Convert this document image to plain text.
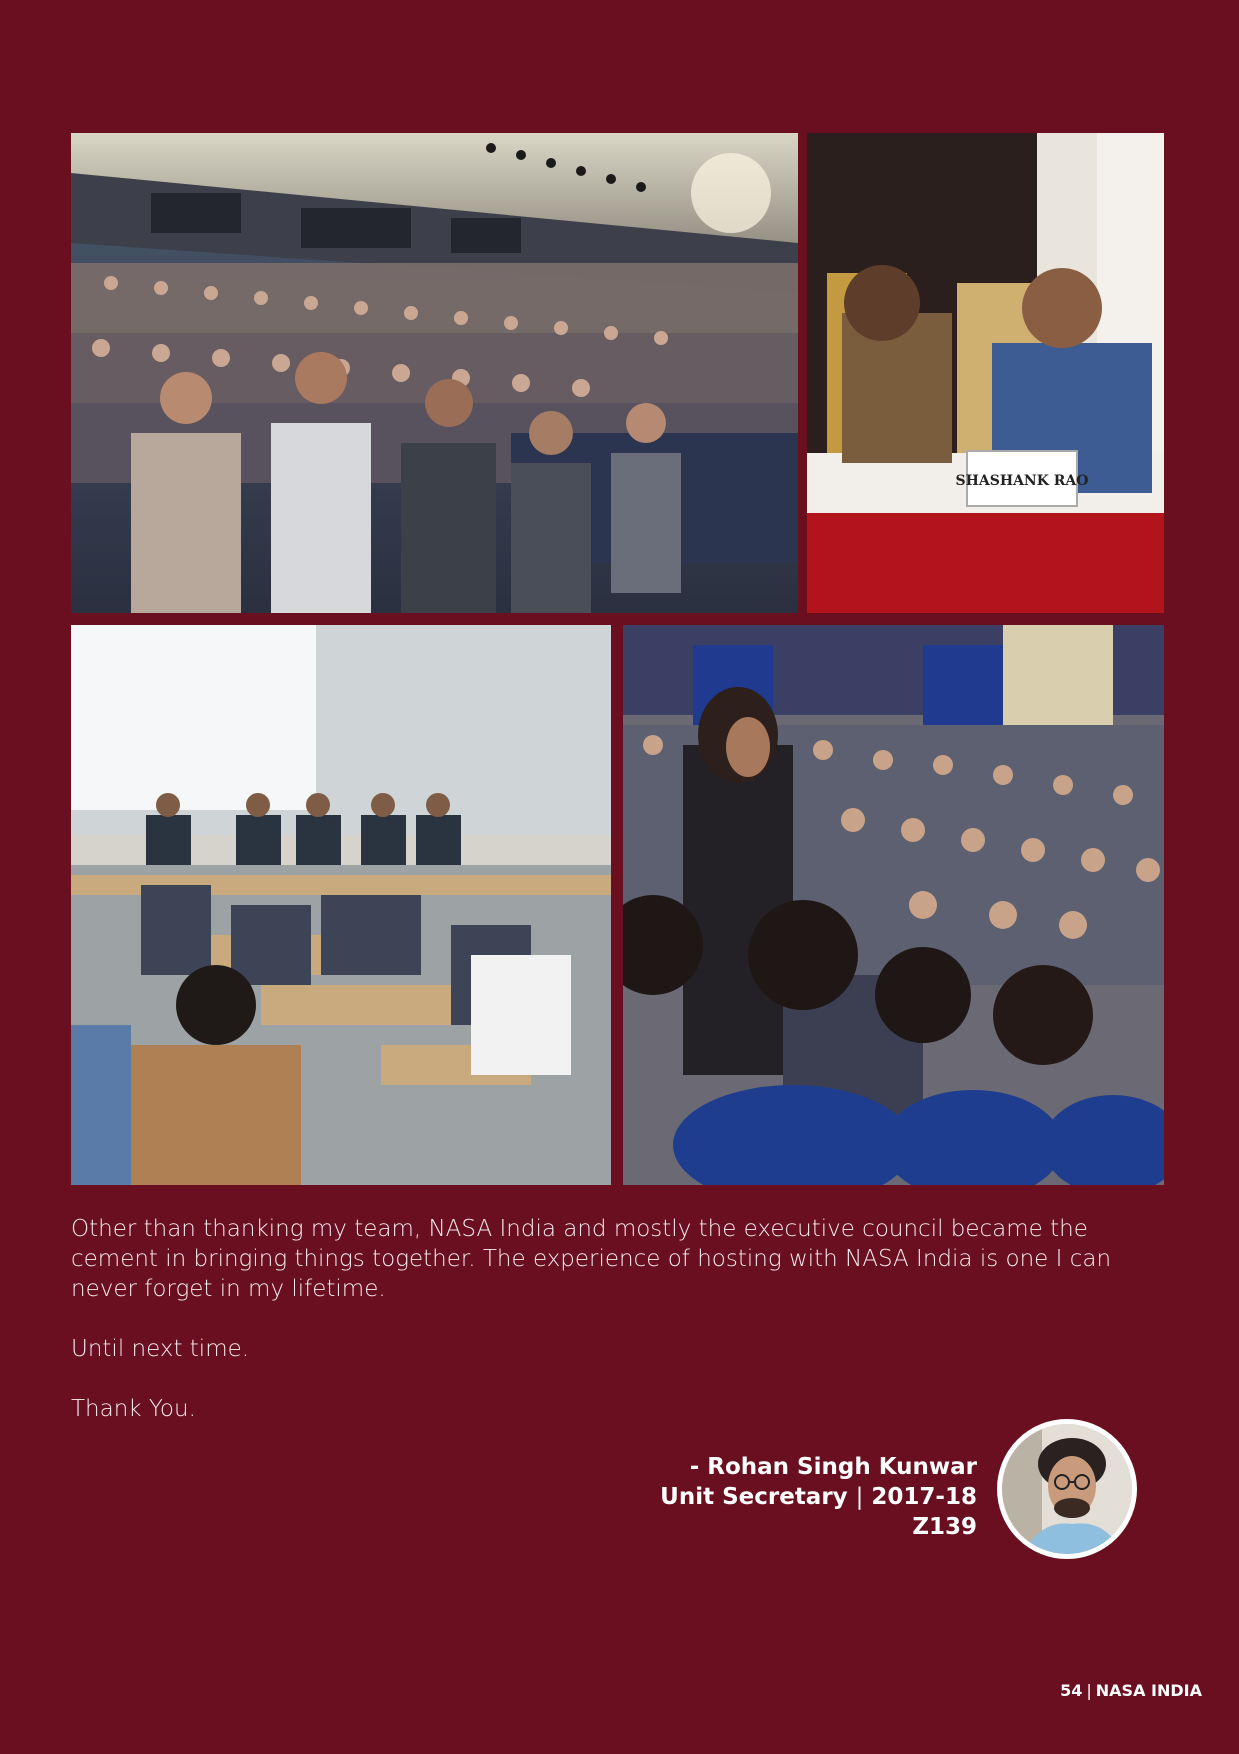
SHASHANK RAO

Other than thanking my team, NASA India and mostly the executive council became the cement in bringing things together. The experience of hosting with NASA India is one I can never forget in my lifetime.

Until next time.

Thank You.

- Rohan Singh Kunwar
Unit Secretary | 2017-18
Z139
54 | NASA INDIA
